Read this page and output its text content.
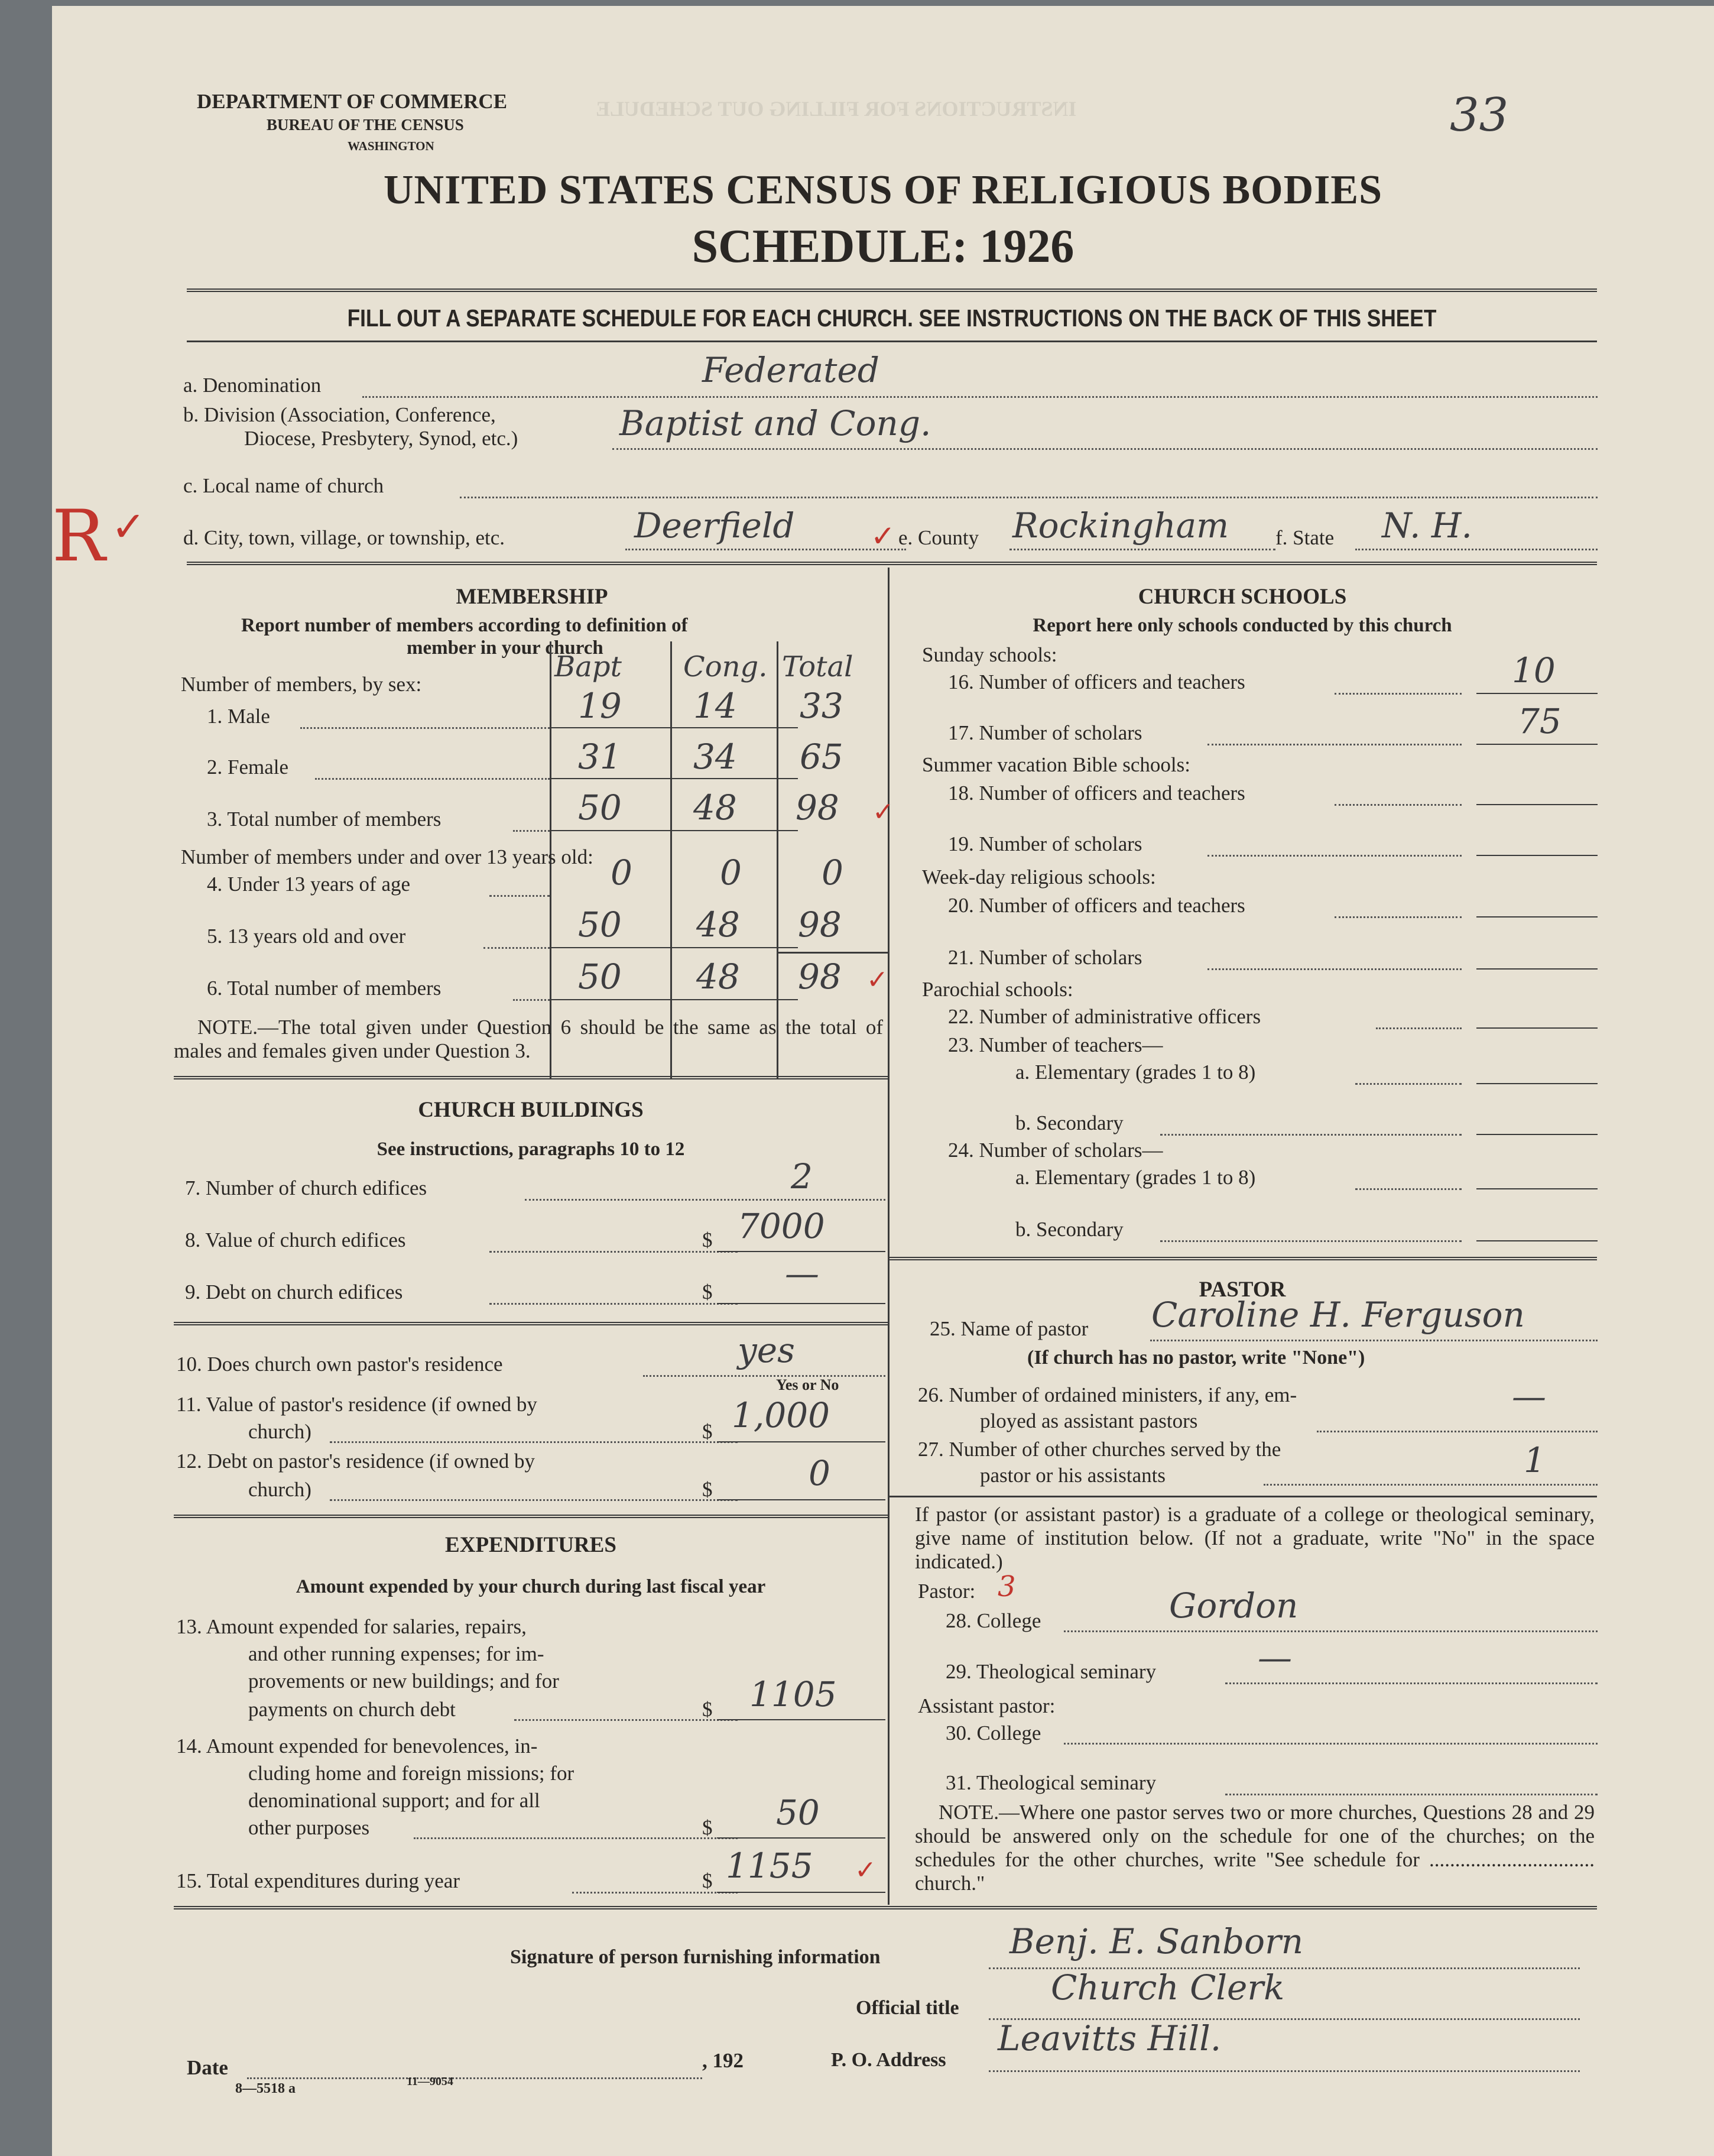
INSTRUCTIONS FOR FILLING OUT SCHEDULE
DEPARTMENT OF COMMERCE
BUREAU OF THE CENSUS
WASHINGTON
33
UNITED STATES CENSUS OF RELIGIOUS BODIES
SCHEDULE: 1926
FILL OUT A SEPARATE SCHEDULE FOR EACH CHURCH. SEE INSTRUCTIONS ON THE BACK OF THIS SHEET
a. Denomination	Federated
b. Division (Association, Conference,
Diocese, Presbytery, Synod, etc.)	Baptist and Cong.
c. Local name of church
R ✓ d. City, town, village, or township, etc.	Deerfield	✓ e. County Rockingham f. State N. H.
MEMBERSHIP
Report number of members according to definition of
member in your church
Number of members, by sex:
Bapt Cong. Total
1. Male	19 14 33
2. Female	31 34 65
3. Total number of members	50 48 98 ✓
Number of members under and over 13 years old:
4. Under 13 years of age	0	0 0
5. 13 years old and over	50 48 98
6. Total number of members	50 48 98 ✓
NOTE.—The total given under Question 6 should be the same as the total of males and females given under Question 3.
CHURCH BUILDINGS
See instructions, paragraphs 10 to 12
7. Number of church edifices	2
8. Value of church edifices	$ 7000
9. Debt on church edifices	$ —
10. Does church own pastor's residence	yes
Yes or No
11. Value of pastor's residence (if owned by
church)	$ 1,000
12. Debt on pastor's residence (if owned by
church)	$	0
EXPENDITURES
Amount expended by your church during last fiscal year
13. Amount expended for salaries, repairs,
and other running expenses; for im-
provements or new buildings; and for
payments on church debt	$ 1105
14. Amount expended for benevolences, in-
cluding home and foreign missions; for
denominational support; and for all
other purposes	$ 50
15. Total expenditures during year	$ 1155 ✓
CHURCH SCHOOLS
Report here only schools conducted by this church
Sunday schools:
16. Number of officers and teachers	10
17. Number of scholars	75
Summer vacation Bible schools:
18. Number of officers and teachers
19. Number of scholars
Week-day religious schools:
20. Number of officers and teachers
21. Number of scholars
Parochial schools:
22. Number of administrative officers
23. Number of teachers—
a. Elementary (grades 1 to 8)
b. Secondary
24. Number of scholars—
a. Elementary (grades 1 to 8)
b. Secondary
PASTOR
25. Name of pastor Caroline H. Ferguson
(If church has no pastor, write "None")
26. Number of ordained ministers, if any, em-
ployed as assistant pastors
—
27. Number of other churches served by the
pastor or his assistants	1
If pastor (or assistant pastor) is a graduate of a college or theological seminary, give name of institution below. (If not a graduate, write "No" in the space indicated.)
Pastor: 3
28. College	Gordon
29. Theological seminary	—
Assistant pastor:
30. College
31. Theological seminary
NOTE.—Where one pastor serves two or more churches, Questions 28 and 29 should be answered only on the schedule for one of the churches; on the schedules for the other churches, write "See schedule for ................................ church."
Signature of person furnishing information	Benj. E. Sanborn
Official title
Church Clerk
Date	, 192
8—5518 a	11—9054
P. O. Address
Leavitts Hill.
